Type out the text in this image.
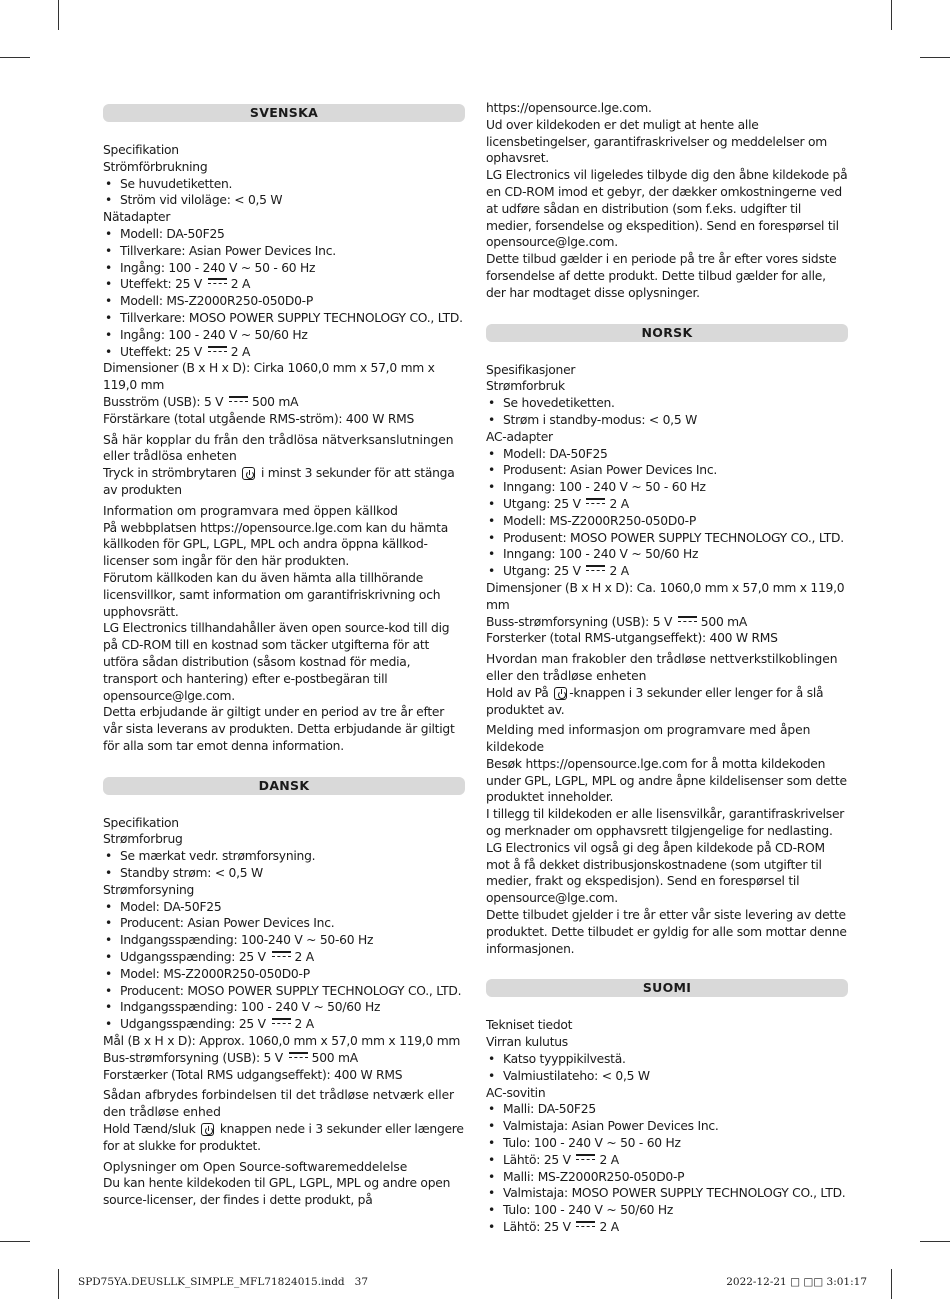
SVENSKA

Specifikation

Strömförbrukning

• Se huvudetiketten.
• Ström vid viloläge: < 0,5 W

Nätadapter

• Modell: DA-50F25
• Tillverkare: Asian Power Devices Inc.
• Ingång: 100 - 240 V ~ 50 - 60 Hz
• Uteffekt: 25 V 2 A
• Modell: MS-Z2000R250-050D0-P
• Tillverkare: MOSO POWER SUPPLY TECHNOLOGY CO., LTD.
• Ingång: 100 - 240 V ~ 50/60 Hz
• Uteffekt: 25 V 2 A

Dimensioner (B x H x D): Cirka 1060,0 mm x 57,0 mm x 119,0 mm

Busström (USB): 5 V 500 mA

Förstärkare (total utgående RMS-ström): 400 W RMS

Så här kopplar du från den trådlösa nätverksanslutningen eller trådlösa enheten

Tryck in strömbrytaren i minst 3 sekunder för att stänga av produkten

Information om programvara med öppen källkod

På webbplatsen https://opensource.lge.com kan du hämta källkoden för GPL, LGPL, MPL och andra öppna källkod-licenser som ingår för den här produkten.
Förutom källkoden kan du även hämta alla tillhörande licensvillkor, samt information om garantifriskrivning och upphovsrätt.
LG Electronics tillhandahåller även open source-kod till dig på CD-ROM till en kostnad som täcker utgifterna för att utföra sådan distribution (såsom kostnad för media, transport och hantering) efter e-postbegäran till opensource@lge.com.
Detta erbjudande är giltigt under en period av tre år efter vår sista leverans av produkten. Detta erbjudande är giltigt för alla som tar emot denna information.

DANSK

Specifikation

Strømforbrug

• Se mærkat vedr. strømforsyning.
• Standby strøm: < 0,5 W

Strømforsyning

• Model: DA-50F25
• Producent: Asian Power Devices Inc.
• Indgangsspænding: 100-240 V ~ 50-60 Hz
• Udgangsspænding: 25 V 2 A
• Model: MS-Z2000R250-050D0-P
• Producent: MOSO POWER SUPPLY TECHNOLOGY CO., LTD.
• Indgangsspænding: 100 - 240 V ~ 50/60 Hz
• Udgangsspænding: 25 V 2 A

Mål (B x H x D): Approx. 1060,0 mm x 57,0 mm x 119,0 mm

Bus-strømforsyning (USB): 5 V 500 mA

Forstærker (Total RMS udgangseffekt): 400 W RMS

Sådan afbrydes forbindelsen til det trådløse netværk eller den trådløse enhed

Hold Tænd/sluk knappen nede i 3 sekunder eller længere for at slukke for produktet.

Oplysninger om Open Source-softwaremeddelelse

Du kan hente kildekoden til GPL, LGPL, MPL og andre open source-licenser, der findes i dette produkt, på

https://opensource.lge.com.
Ud over kildekoden er det muligt at hente alle licensbetingelser, garantifraskrivelser og meddelelser om ophavsret.
LG Electronics vil ligeledes tilbyde dig den åbne kildekode på en CD-ROM imod et gebyr, der dækker omkostningerne ved at udføre sådan en distribution (som f.eks. udgifter til medier, forsendelse og ekspedition). Send en forespørsel til opensource@lge.com.
Dette tilbud gælder i en periode på tre år efter vores sidste forsendelse af dette produkt. Dette tilbud gælder for alle, der har modtaget disse oplysninger.

NORSK

Spesifikasjoner

Strømforbruk

• Se hovedetiketten.
• Strøm i standby-modus: < 0,5 W

AC-adapter

• Modell: DA-50F25
• Produsent: Asian Power Devices Inc.
• Inngang: 100 - 240 V ~ 50 - 60 Hz
• Utgang: 25 V 2 A
• Modell: MS-Z2000R250-050D0-P
• Produsent: MOSO POWER SUPPLY TECHNOLOGY CO., LTD.
• Inngang: 100 - 240 V ~ 50/60 Hz
• Utgang: 25 V 2 A

Dimensjoner (B x H x D): Ca. 1060,0 mm x 57,0 mm x 119,0 mm

Buss-strømforsyning (USB): 5 V 500 mA

Forsterker (total RMS-utgangseffekt): 400 W RMS

Hvordan man frakobler den trådløse nettverkstilkoblingen eller den trådløse enheten

Hold av På -knappen i 3 sekunder eller lenger for å slå produktet av.

Melding med informasjon om programvare med åpen kildekode

Besøk https://opensource.lge.com for å motta kildekoden under GPL, LGPL, MPL og andre åpne kildelisenser som dette produktet inneholder.
I tillegg til kildekoden er alle lisensvilkår, garantifraskrivelser og merknader om opphavsrett tilgjengelige for nedlasting.
LG Electronics vil også gi deg åpen kildekode på CD-ROM mot å få dekket distribusjonskostnadene (som utgifter til medier, frakt og ekspedisjon). Send en forespørsel til opensource@lge.com.
Dette tilbudet gjelder i tre år etter vår siste levering av dette produktet. Dette tilbudet er gyldig for alle som mottar denne informasjonen.

SUOMI

Tekniset tiedot

Virran kulutus

• Katso tyyppikilvestä.
• Valmiustilateho: < 0,5 W

AC-sovitin

• Malli: DA-50F25
• Valmistaja: Asian Power Devices Inc.
• Tulo: 100 - 240 V ~ 50 - 60 Hz
• Lähtö: 25 V 2 A
• Malli: MS-Z2000R250-050D0-P
• Valmistaja: MOSO POWER SUPPLY TECHNOLOGY CO., LTD.
• Tulo: 100 - 240 V ~ 50/60 Hz
• Lähtö: 25 V 2 A
SPD75YA.DEUSLLK_SIMPLE_MFL71824015.indd   37	2022-12-21 □ □□ 3:01:17
